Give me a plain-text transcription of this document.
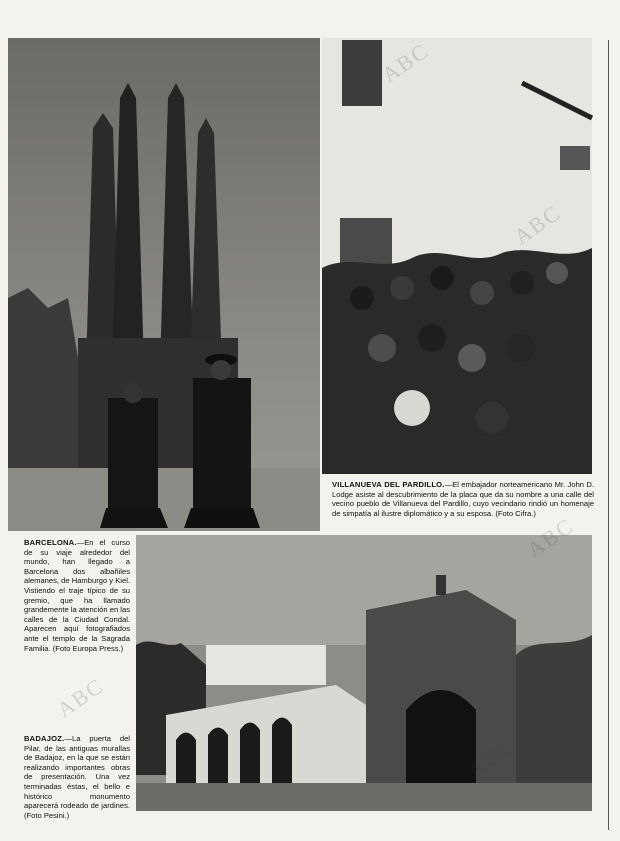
VILLANUEVA DEL PARDILLO.—El embajador norteamericano Mr. John D. Lodge asiste al descubrimiento de la placa que da su nombre a una calle del vecino pueblo de Villanueva del Pardillo, cuyo vecindario rindió un homenaje de simpatía al ilustre diplomático y a su esposa. (Foto Cifra.)
BARCELONA.—En el curso de su viaje alrededor del mundo, han llegado a Barcelona dos albañiles alemanes, de Hamburgo y Kiel. Vistiendo el traje típico de su gremio, que ha llamado grandemente la atención en las calles de la Ciudad Condal. Aparecen aquí fotografiados ante el templo de la Sagrada Familia. (Foto Europa Press.)
BADAJOZ.—La puerta del Pilar, de las antiguas murallas de Badajoz, en la que se están realizando importantes obras de presentación. Una vez terminadas éstas, el bello e histórico monumento aparecerá rodeado de jardines. (Foto Pesini.)
ABC
